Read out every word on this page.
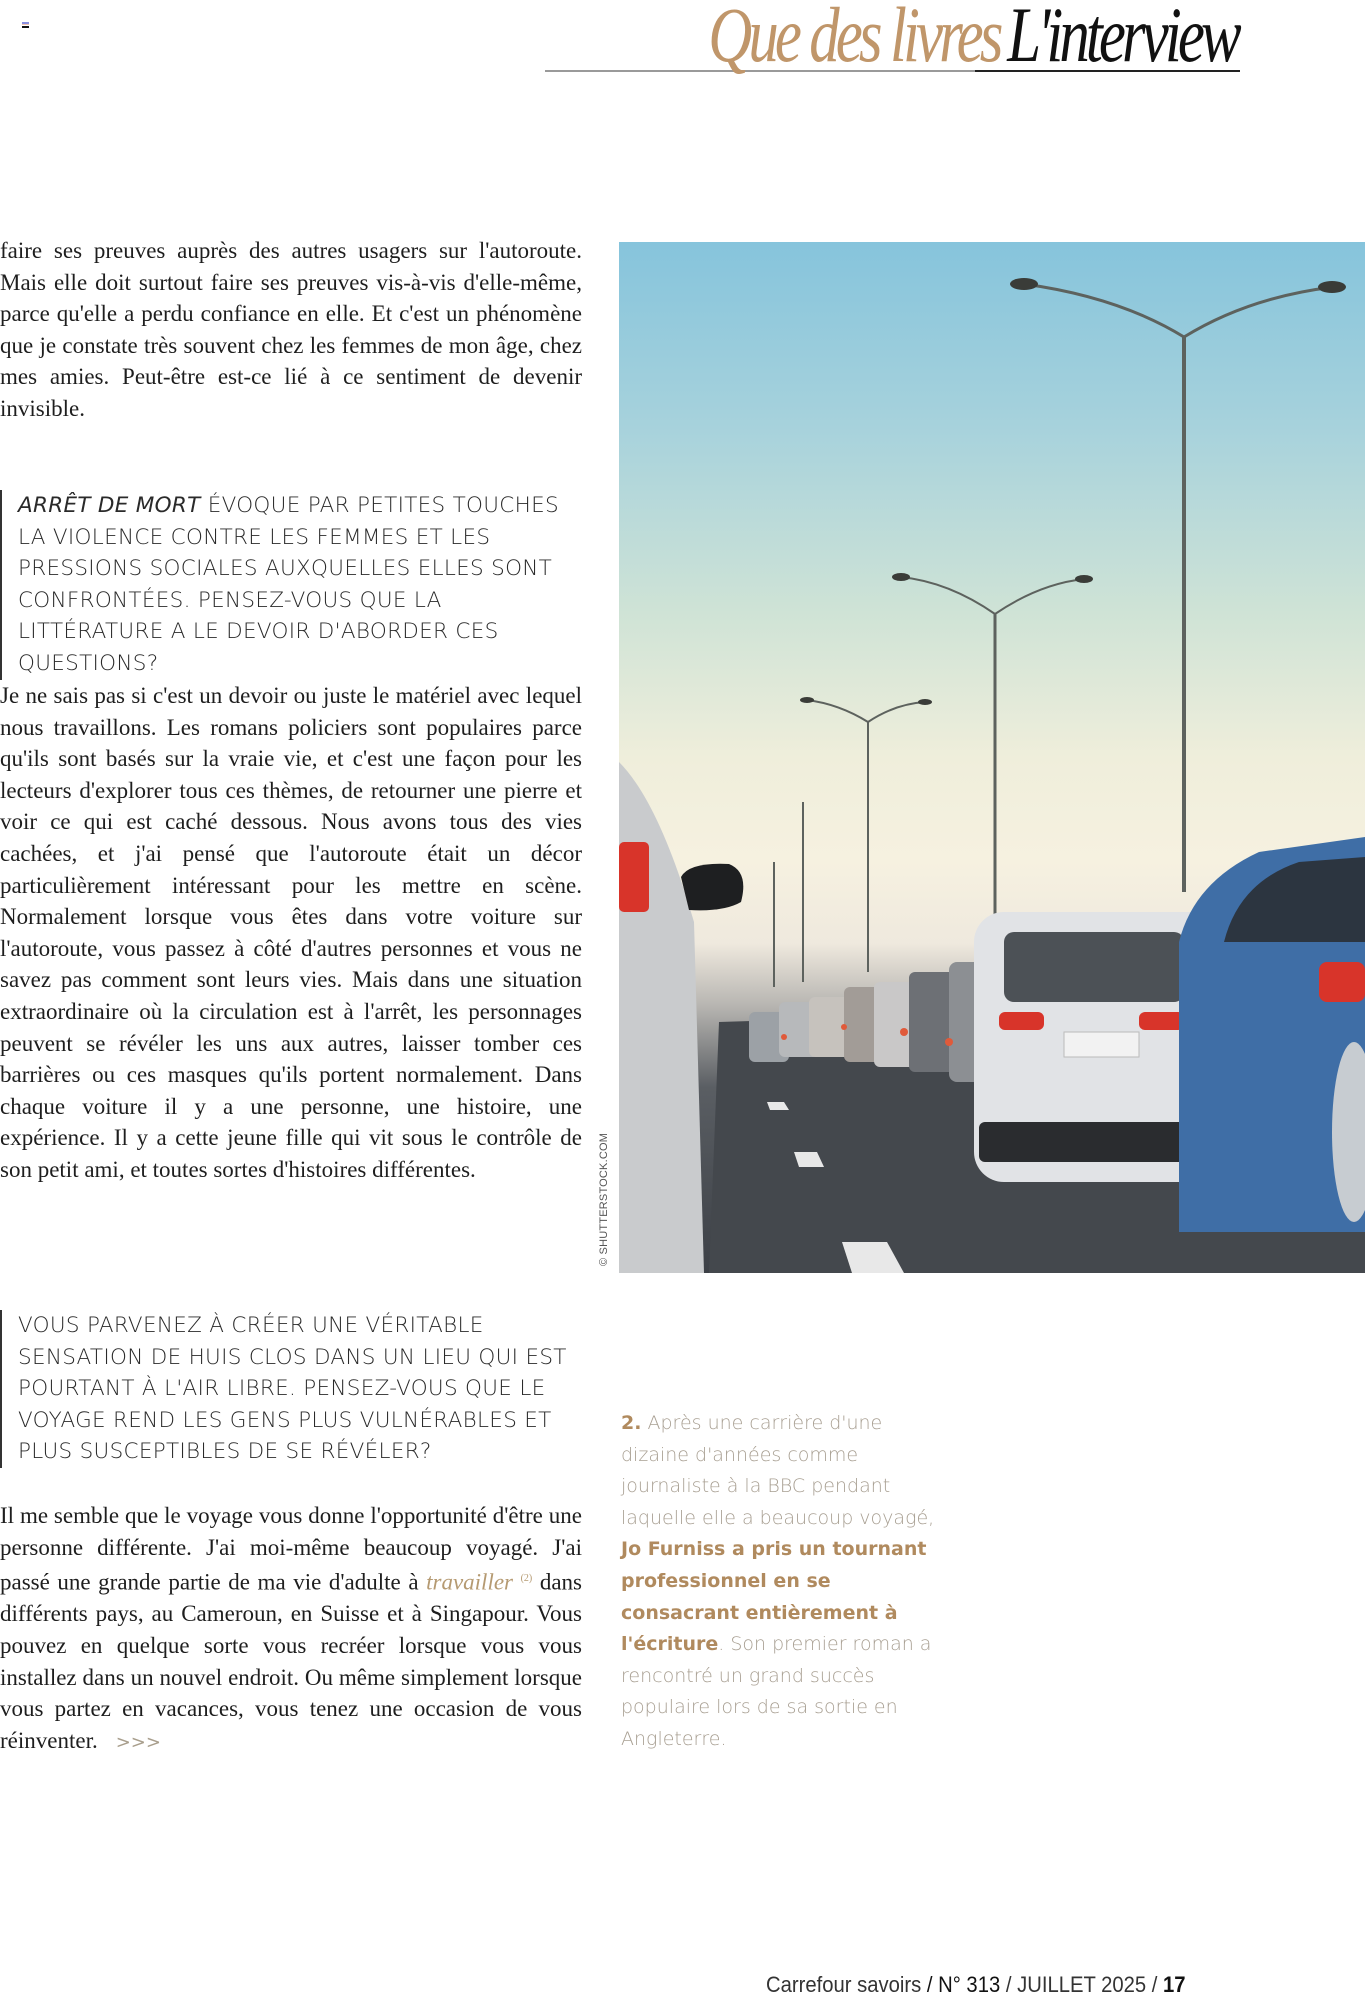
Que des livresL'interview

faire ses preuves auprès des autres usagers sur l'autoroute. Mais elle doit surtout faire ses preuves vis-à-vis d'elle-même, parce qu'elle a perdu confiance en elle. Et c'est un phénomène que je constate très souvent chez les femmes de mon âge, chez mes amies. Peut-être est-ce lié à ce sentiment de devenir invisible.

ARRÊT DE MORT ÉVOQUE PAR PETITES TOUCHES LA VIOLENCE CONTRE LES FEMMES ET LES PRESSIONS SOCIALES AUXQUELLES ELLES SONT CONFRONTÉES. PENSEZ-VOUS QUE LA LITTÉRATURE A LE DEVOIR D'ABORDER CES QUESTIONS?

Je ne sais pas si c'est un devoir ou juste le matériel avec lequel nous travaillons. Les romans policiers sont populaires parce qu'ils sont basés sur la vraie vie, et c'est une façon pour les lecteurs d'explorer tous ces thèmes, de retourner une pierre et voir ce qui est caché dessous. Nous avons tous des vies cachées, et j'ai pensé que l'autoroute était un décor particulièrement intéressant pour les mettre en scène. Normalement lorsque vous êtes dans votre voiture sur l'autoroute, vous passez à côté d'autres personnes et vous ne savez pas comment sont leurs vies. Mais dans une situation extraordinaire où la circulation est à l'arrêt, les personnages peuvent se révéler les uns aux autres, laisser tomber ces barrières ou ces masques qu'ils portent normalement. Dans chaque voiture il y a une personne, une histoire, une expérience. Il y a cette jeune fille qui vit sous le contrôle de son petit ami, et toutes sortes d'histoires différentes.

VOUS PARVENEZ À CRÉER UNE VÉRITABLE SENSATION DE HUIS CLOS DANS UN LIEU QUI EST POURTANT À L'AIR LIBRE. PENSEZ-VOUS QUE LE VOYAGE REND LES GENS PLUS VULNÉRABLES ET PLUS SUSCEPTIBLES DE SE RÉVÉLER?

Il me semble que le voyage vous donne l'opportunité d'être une personne différente. J'ai moi-même beaucoup voyagé. J'ai passé une grande partie de ma vie d'adulte à travailler $^{(2)}$ dans différents pays, au Cameroun, en Suisse et à Singapour. Vous pouvez en quelque sorte vous recréer lorsque vous vous installez dans un nouvel endroit. Ou même simplement lorsque vous partez en vacances, vous tenez une occasion de vous réinventer. >>>

© SHUTTERSTOCK.COM
2. Après une carrière d'une dizaine d'années comme journaliste à la BBC pendant laquelle elle a beaucoup voyagé, Jo Furniss a pris un tournant professionnel en se consacrant entièrement à l'écriture. Son premier roman a rencontré un grand succès populaire lors de sa sortie en Angleterre.
Carrefour savoirs / N° 313 / JUILLET 2025 / 17
